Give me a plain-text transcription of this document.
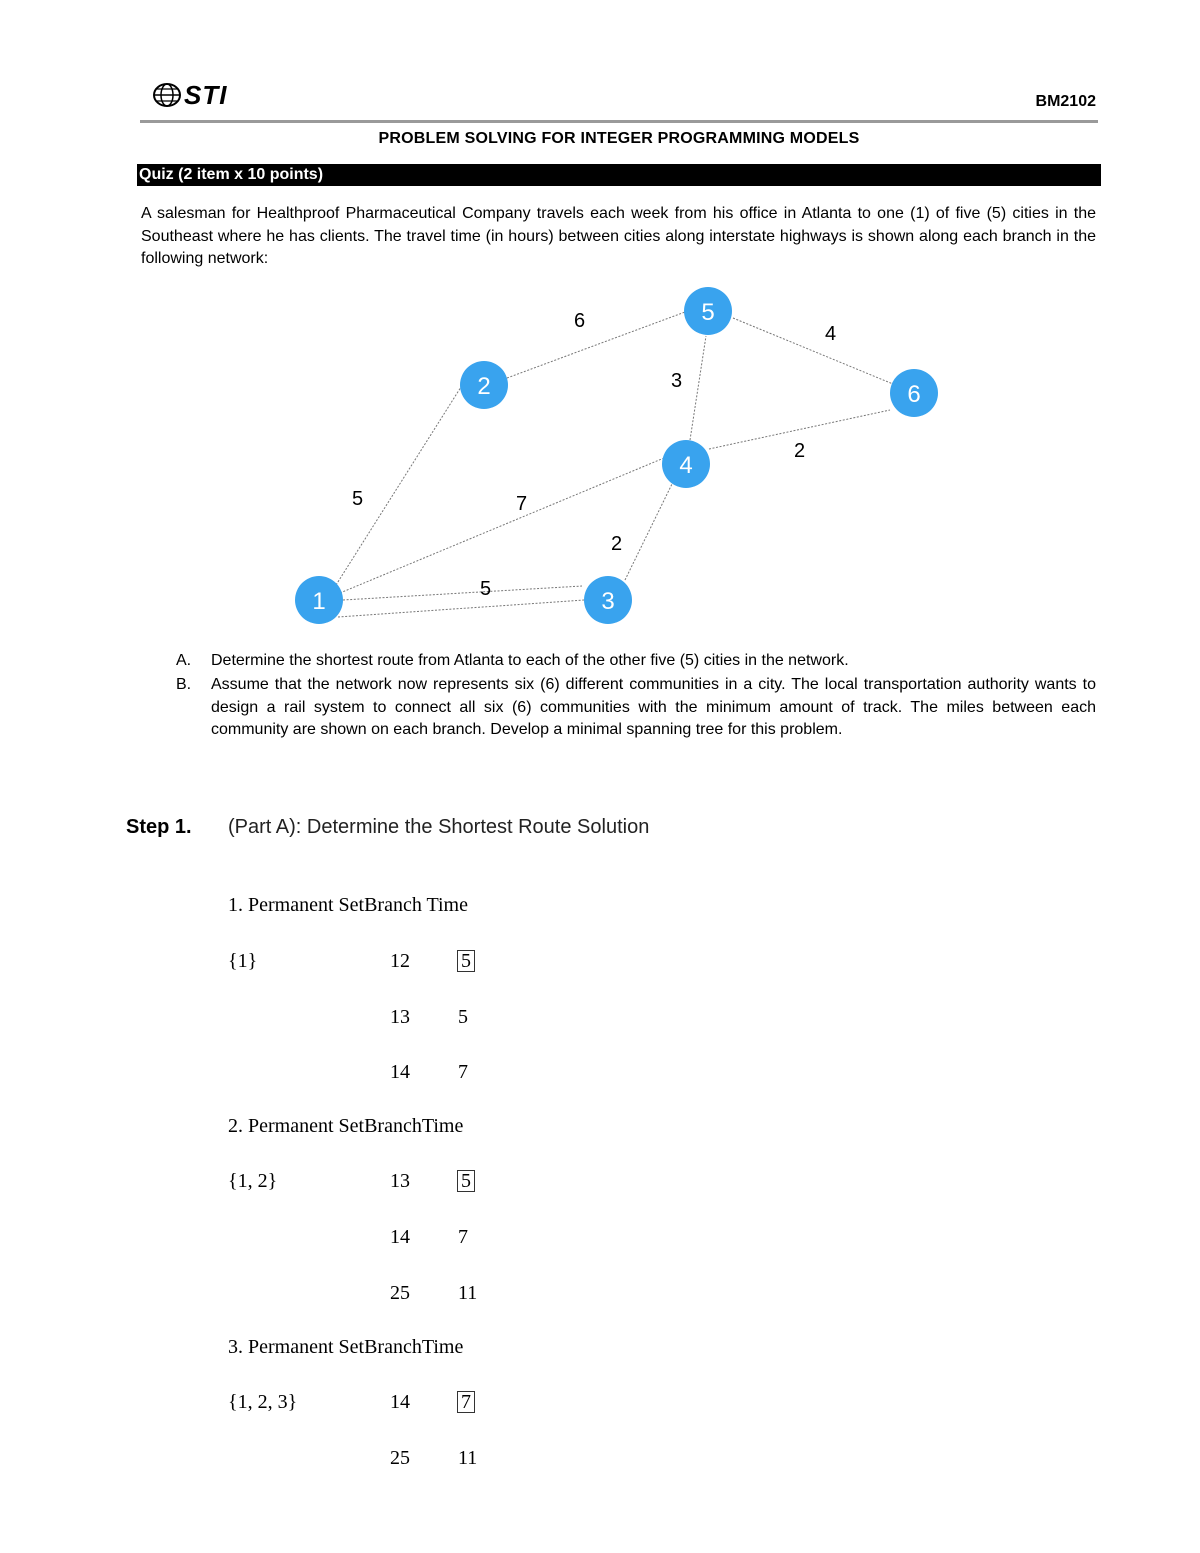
STI	BM2102
PROBLEM SOLVING FOR INTEGER PROGRAMMING MODELS
Quiz (2 item x 10 points)
A salesman for Healthproof Pharmaceutical Company travels each week from his office in Atlanta to one (1) of five (5) cities in the Southeast where he has clients. The travel time (in hours) between cities along interstate highways is shown along each branch in the following network:
5
5
7
6
2
3
2
4
1
2
3
4
5
6
A. Determine the shortest route from Atlanta to each of the other five (5) cities in the network.
B. Assume that the network now represents six (6) different communities in a city. The local transportation authority wants to design a rail system to connect all six (6) communities with the minimum amount of track. The miles between each community are shown on each branch. Develop a minimal spanning tree for this problem.
Step 1. (Part A): Determine the Shortest Route Solution
1. Permanent SetBranch Time
{1}	12	5
13 5
14 7
2. Permanent SetBranchTime
{1, 2}	13	5
14 7
25 11
3. Permanent SetBranchTime
{1, 2, 3}	14	7
25 11
